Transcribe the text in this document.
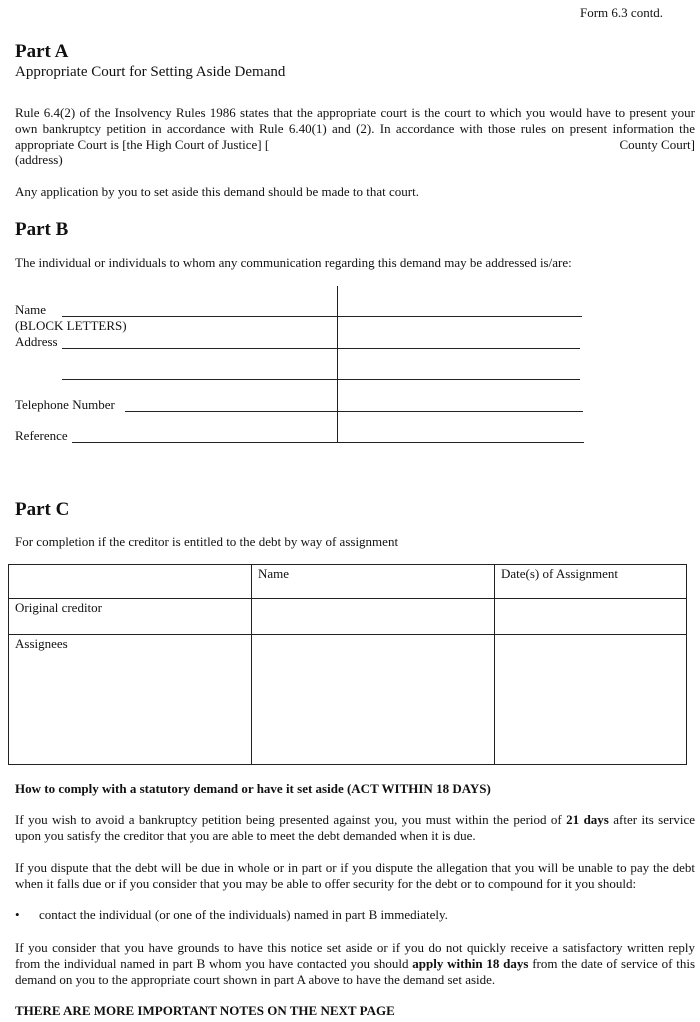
Form 6.3 contd.
Part A
Appropriate Court for Setting Aside Demand
Rule 6.4(2) of the Insolvency Rules 1986 states that the appropriate court is the court to which you would have to present your own bankruptcy petition in accordance with Rule 6.40(1) and (2). In accordance with those rules on present information the appropriate Court is [the High Court of Justice] [	County Court]
(address)
Any application by you to set aside this demand should be made to that court.
Part B
The individual or individuals to whom any communication regarding this demand may be addressed is/are:
Name
(BLOCK LETTERS)
Address
Telephone Number
Reference
Part C
For completion if the creditor is entitled to the debt by way of assignment
	Name	Date(s) of Assignment
Original creditor		
Assignees		
How to comply with a statutory demand or have it set aside (ACT WITHIN 18 DAYS)
If you wish to avoid a bankruptcy petition being presented against you, you must within the period of 21 days after its service upon you satisfy the creditor that you are able to meet the debt demanded when it is due.
If you dispute that the debt will be due in whole or in part or if you dispute the allegation that you will be unable to pay the debt when it falls due or if you consider that you may be able to offer security for the debt or to compound for it you should:
• contact the individual (or one of the individuals) named in part B immediately.
If you consider that you have grounds to have this notice set aside or if you do not quickly receive a satisfactory written reply from the individual named in part B whom you have contacted you should apply within 18 days from the date of service of this demand on you to the appropriate court shown in part A above to have the demand set aside.
THERE ARE MORE IMPORTANT NOTES ON THE NEXT PAGE
